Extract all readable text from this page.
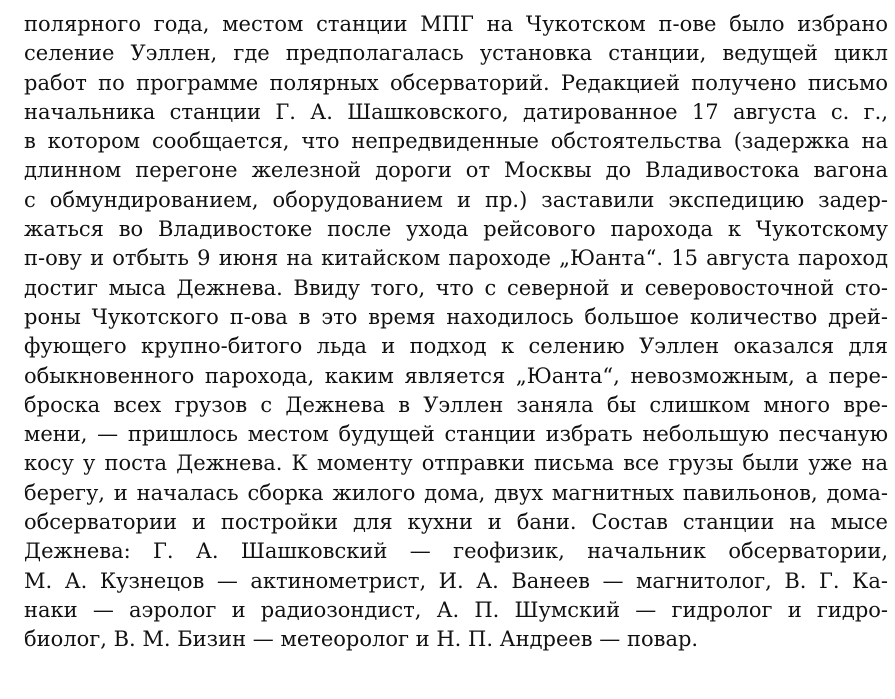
полярного года, местом станции МПГ на Чукотском п-ове было избрано
селение Уэллен, где предполагалась установка станции, ведущей цикл
работ по программе полярных обсерваторий. Редакцией получено письмо
начальника станции Г. А. Шашковского, датированное 17 августа с. г.,
в котором сообщается, что непредвиденные обстоятельства (задержка на
длинном перегоне железной дороги от Москвы до Владивостока вагона
с обмундированием, оборудованием и пр.) заставили экспедицию задер-
жаться во Владивостоке после ухода рейсового парохода к Чукотскому
п-ову и отбыть 9 июня на китайском пароходе „Юанта“. 15 августа пароход
достиг мыса Дежнева. Ввиду того, что с северной и северовосточной сто-
роны Чукотского п-ова в это время находилось большое количество дрей-
фующего крупно-битого льда и подход к селению Уэллен оказался для
обыкновенного парохода, каким является „Юанта“, невозможным, а пере-
броска всех грузов с Дежнева в Уэллен заняла бы слишком много вре-
мени, — пришлось местом будущей станции избрать небольшую песчаную
косу у поста Дежнева. К моменту отправки письма все грузы были уже на
берегу, и началась сборка жилого дома, двух магнитных павильонов, дома-
обсерватории и постройки для кухни и бани. Состав станции на мысе
Дежнева: Г. А. Шашковский — геофизик, начальник обсерватории,
М. А. Кузнецов — актинометрист, И. А. Ванеев — магнитолог, В. Г. Ка-
наки — аэролог и радиозондист, А. П. Шумский — гидролог и гидро-
биолог, В. М. Бизин — метеоролог и Н. П. Андреев — повар.
